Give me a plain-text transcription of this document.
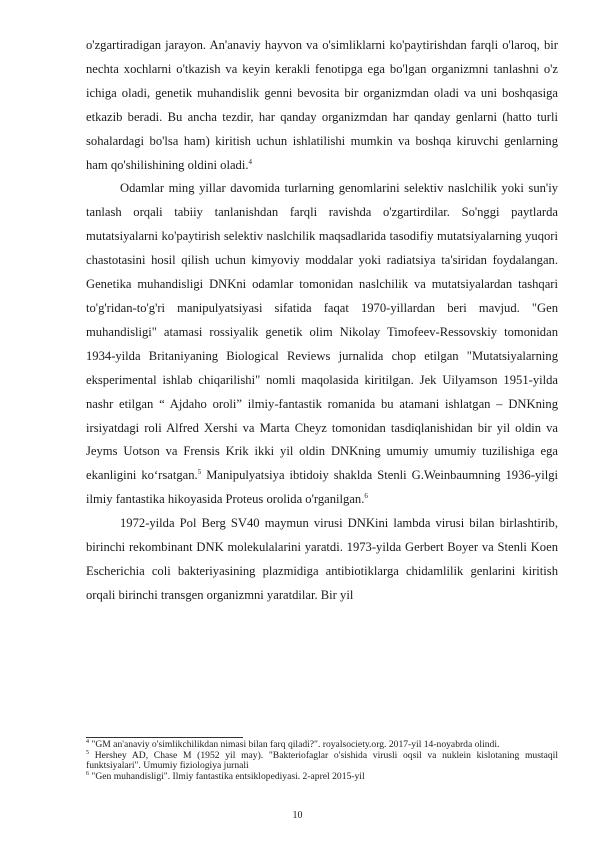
o'zgartiradigan jarayon. An'anaviy hayvon va o'simliklarni ko'paytirishdan farqli o'laroq, bir nechta xochlarni o'tkazish va keyin kerakli fenotipga ega bo'lgan organizmni tanlashni o'z ichiga oladi, genetik muhandislik genni bevosita bir organizmdan oladi va uni boshqasiga etkazib beradi. Bu ancha tezdir, har qanday organizmdan har qanday genlarni (hatto turli sohalardagi bo'lsa ham) kiritish uchun ishlatilishi mumkin va boshqa kiruvchi genlarning ham qo'shilishining oldini oladi.$^4$

Odamlar ming yillar davomida turlarning genomlarini selektiv naslchilik yoki sun'iy tanlash orqali tabiiy tanlanishdan farqli ravishda o'zgartirdilar. So'nggi paytlarda mutatsiyalarni ko'paytirish selektiv naslchilik maqsadlarida tasodifiy mutatsiyalarning yuqori chastotasini hosil qilish uchun kimyoviy moddalar yoki radiatsiya ta'siridan foydalangan. Genetika muhandisligi DNKni odamlar tomonidan naslchilik va mutatsiyalardan tashqari to'g'ridan-to'g'ri manipulyatsiyasi sifatida faqat 1970-yillardan beri mavjud. "Gen muhandisligi" atamasi rossiyalik genetik olim Nikolay Timofeev-Ressovskiy tomonidan 1934-yilda Britaniyaning Biological Reviews jurnalida chop etilgan "Mutatsiyalarning eksperimental ishlab chiqarilishi" nomli maqolasida kiritilgan. Jek Uilyamson 1951-yilda nashr etilgan “ Ajdaho oroli” ilmiy-fantastik romanida bu atamani ishlatgan – DNKning irsiyatdagi roli Alfred Xershi va Marta Cheyz tomonidan tasdiqlanishidan bir yil oldin va Jeyms Uotson va Frensis Krik ikki yil oldin DNKning umumiy umumiy tuzilishiga ega ekanligini ko‘rsatgan.$^5$ Manipulyatsiya ibtidoiy shaklda Stenli G.Weinbaumning 1936-yilgi ilmiy fantastika hikoyasida Proteus orolida o'rganilgan.$^6$

1972-yilda Pol Berg SV40 maymun virusi DNKini lambda virusi bilan birlashtirib, birinchi rekombinant DNK molekulalarini yaratdi. 1973-yilda Gerbert Boyer va Stenli Koen Escherichia coli bakteriyasining plazmidiga antibiotiklarga chidamlilik genlarini kiritish orqali birinchi transgen organizmni yaratdilar. Bir yil

$^4$ "GM an'anaviy o'simlikchilikdan nimasi bilan farq qiladi?". royalsociety.org. 2017-yil 14-noyabrda olindi.

$^5$ Hershey AD, Chase M (1952 yil may). "Bakteriofaglar o'sishida virusli oqsil va nuklein kislotaning mustaqil funktsiyalari". Umumiy fiziologiya jurnali

$^6$ "Gen muhandisligi". Ilmiy fantastika entsiklopediyasi. 2-aprel 2015-yil

10
